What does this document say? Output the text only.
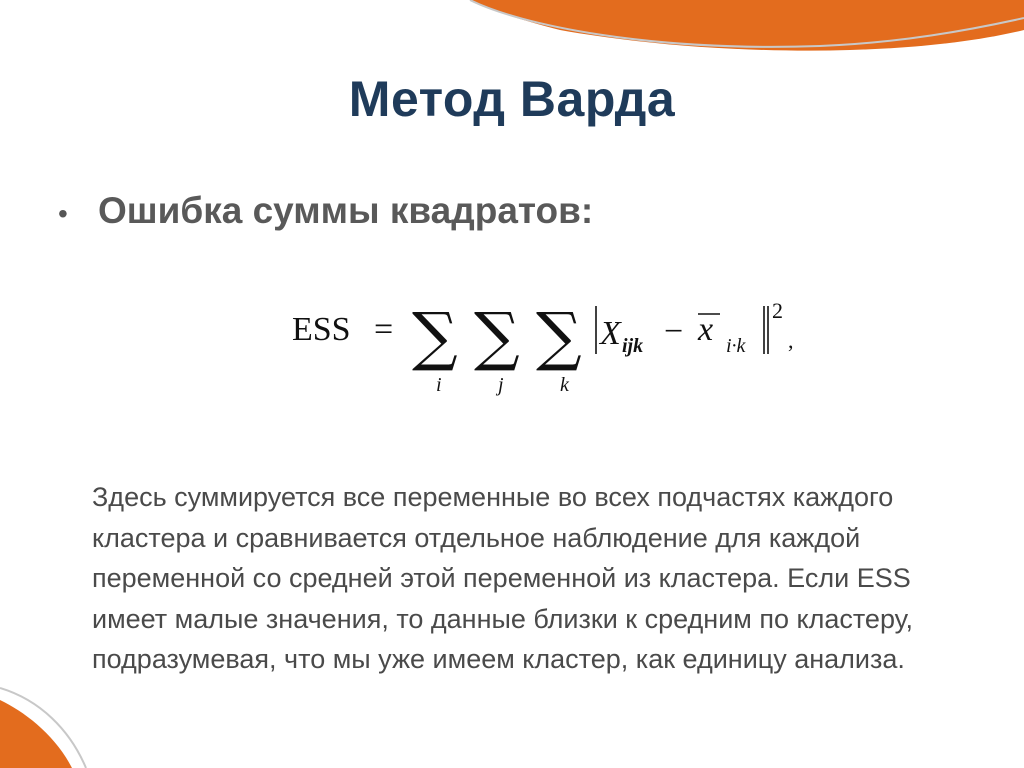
Метод Варда
• Ошибка суммы квадратов:
ESS = ∑
i
∑
j
∑
k
X ijk − x i·k
2
,
Здесь суммируется все переменные во всех подчастях каждого кластера и сравнивается отдельное наблюдение для каждой переменной со средней этой переменной из кластера. Если ESS имеет малые значения, то данные близки к средним по кластеру, подразумевая, что мы уже имеем кластер, как единицу анализа.
